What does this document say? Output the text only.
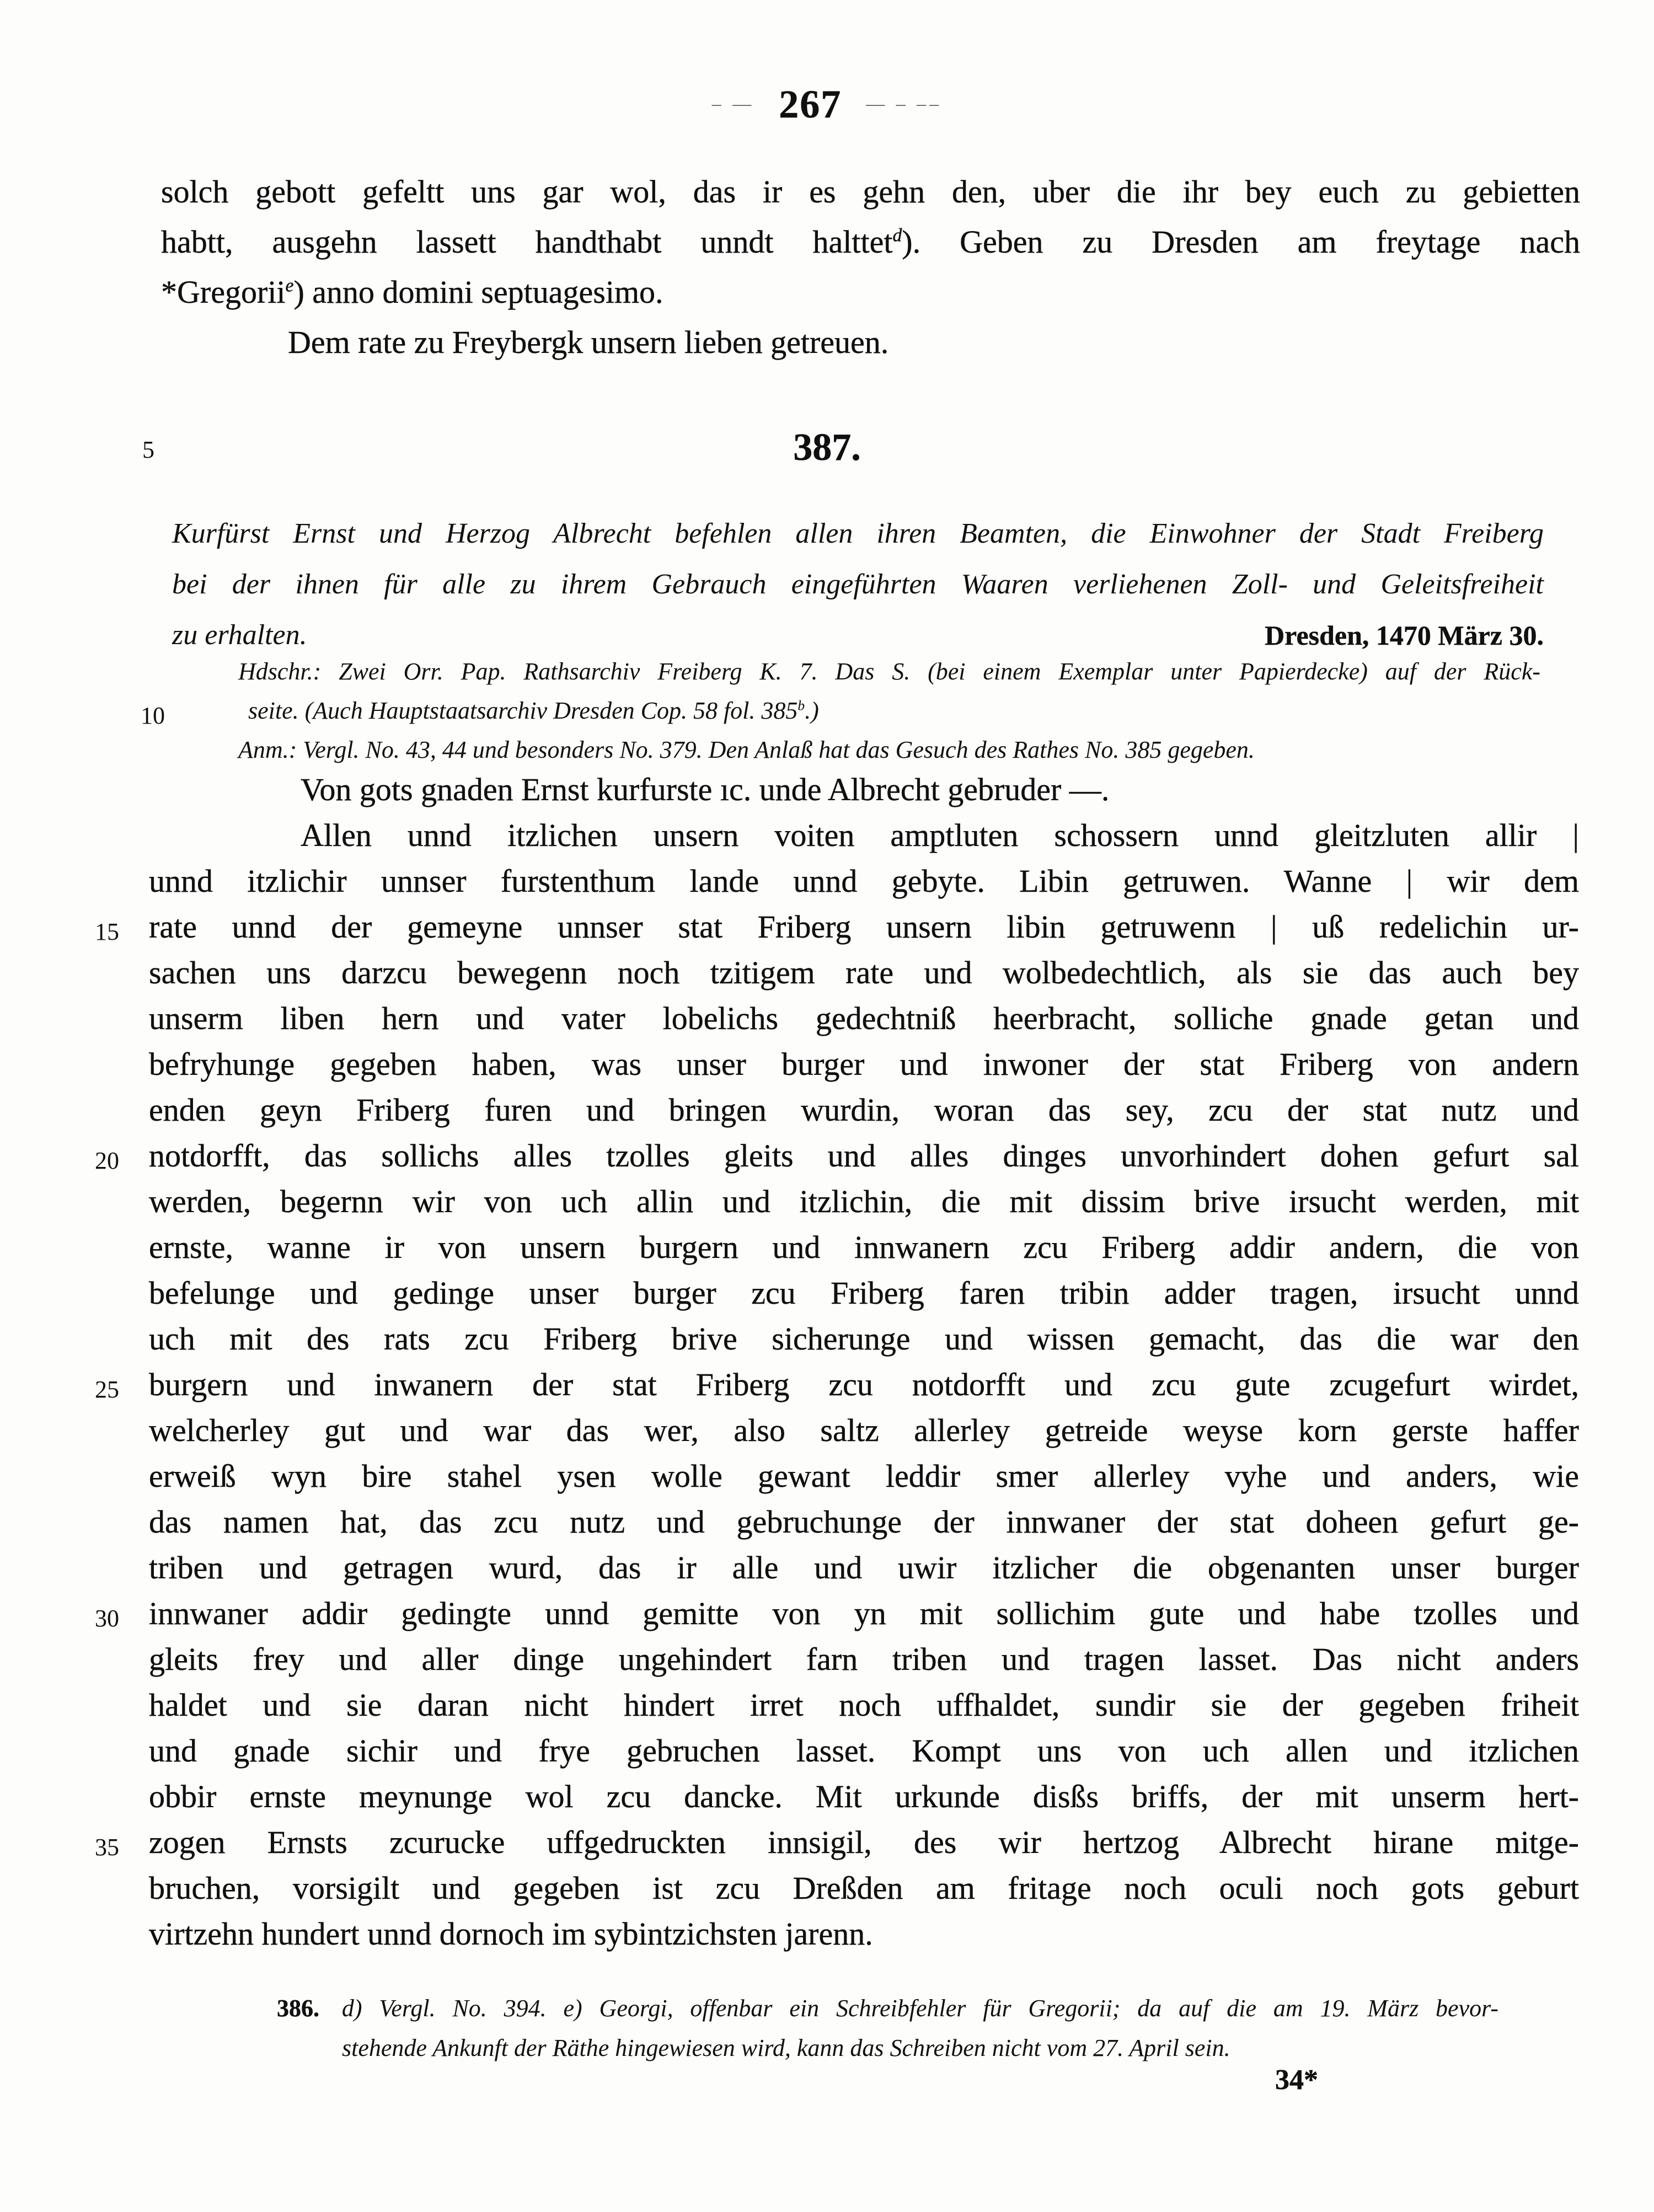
– — 267 — – ––
solch gebott gefeltt uns gar wol, das ir es gehn den, uber die ihr bey euch zu gebietten
habtt, ausgehn lassett handthabt unndt halttet$^d$). Geben zu Dresden am freytage nach
*Gregorii$^e$) anno domini septuagesimo.
Dem rate zu Freybergk unsern lieben getreuen.
5	387.
Kurfürst Ernst und Herzog Albrecht befehlen allen ihren Beamten, die Einwohner der Stadt Freiberg
bei der ihnen für alle zu ihrem Gebrauch eingeführten Waaren verliehenen Zoll- und Geleitsfreiheit
zu erhalten.	Dresden, 1470 März 30.
10
Hdschr.: Zwei Orr. Pap. Rathsarchiv Freiberg K. 7. Das S. (bei einem Exemplar unter Papierdecke) auf der Rück-
seite. (Auch Hauptstaatsarchiv Dresden Cop. 58 fol. 385$^b$.)
Anm.: Vergl. No. 43, 44 und besonders No. 379. Den Anlaß hat das Gesuch des Rathes No. 385 gegeben.
Von gots gnaden Ernst kurfurste ıc. unde Albrecht gebruder —.
Allen unnd itzlichen unsern voiten amptluten schossern unnd gleitzluten allir |
unnd itzlichir unnser furstenthum lande unnd gebyte. Libin getruwen. Wanne | wir dem
15 rate unnd der gemeyne unnser stat Friberg unsern libin getruwenn | uß redelichin ur-
sachen uns darzcu bewegenn noch tzitigem rate und wolbedechtlich, als sie das auch bey
unserm liben hern und vater lobelichs gedechtniß heerbracht, solliche gnade getan und
befryhunge gegeben haben, was unser burger und inwoner der stat Friberg von andern
enden geyn Friberg furen und bringen wurdin, woran das sey, zcu der stat nutz und
20 notdorfft, das sollichs alles tzolles gleits und alles dinges unvorhindert dohen gefurt sal
werden, begernn wir von uch allin und itzlichin, die mit dissim brive irsucht werden, mit
ernste, wanne ir von unsern burgern und innwanern zcu Friberg addir andern, die von
befelunge und gedinge unser burger zcu Friberg faren tribin adder tragen, irsucht unnd
uch mit des rats zcu Friberg brive sicherunge und wissen gemacht, das die war den
25 burgern und inwanern der stat Friberg zcu notdorfft und zcu gute zcugefurt wirdet,
welcherley gut und war das wer, also saltz allerley getreide weyse korn gerste haffer
erweiß wyn bire stahel ysen wolle gewant leddir smer allerley vyhe und anders, wie
das namen hat, das zcu nutz und gebruchunge der innwaner der stat doheen gefurt ge-
triben und getragen wurd, das ir alle und uwir itzlicher die obgenanten unser burger
30 innwaner addir gedingte unnd gemitte von yn mit sollichim gute und habe tzolles und
gleits frey und aller dinge ungehindert farn triben und tragen lasset. Das nicht anders
haldet und sie daran nicht hindert irret noch uffhaldet, sundir sie der gegeben friheit
und gnade sichir und frye gebruchen lasset. Kompt uns von uch allen und itzlichen
obbir ernste meynunge wol zcu dancke. Mit urkunde disßs briffs, der mit unserm hert-
35 zogen Ernsts zcurucke uffgedruckten innsigil, des wir hertzog Albrecht hirane mitge-
bruchen, vorsigilt und gegeben ist zcu Dreßden am fritage noch oculi noch gots geburt
virtzehn hundert unnd dornoch im sybintzichsten jarenn.
386. d) Vergl. No. 394. e) Georgi, offenbar ein Schreibfehler für Gregorii; da auf die am 19. März bevor-
stehende Ankunft der Räthe hingewiesen wird, kann das Schreiben nicht vom 27. April sein.
34*
